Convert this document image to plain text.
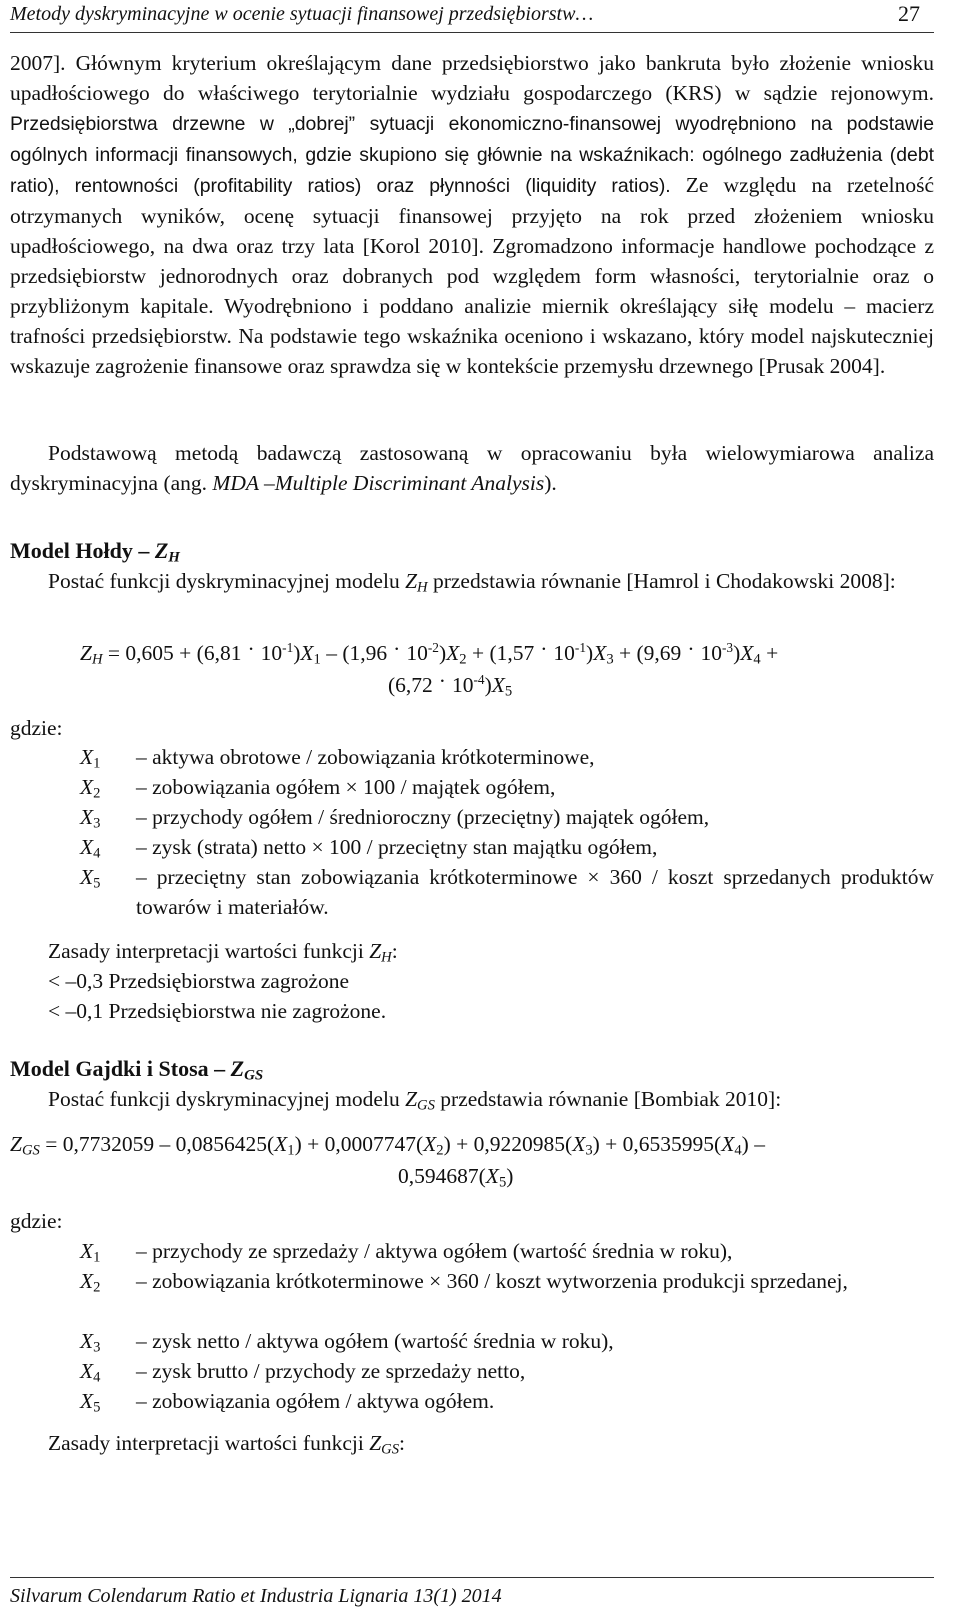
Metody dyskryminacyjne w ocenie sytuacji finansowej przedsiębiorstw…	27

2007]. Głównym kryterium określającym dane przedsiębiorstwo jako bankruta było złożenie wniosku upadłościowego do właściwego terytorialnie wydziału gospodarczego (KRS) w sądzie rejonowym. Przedsiębiorstwa drzewne w „dobrej” sytuacji ekonomiczno-finansowej wyodrębniono na podstawie ogólnych informacji finansowych, gdzie skupiono się głównie na wskaźnikach: ogólnego zadłużenia (debt ratio), rentowności (profitability ratios) oraz płynności (liquidity ratios). Ze względu na rzetelność otrzymanych wyników, ocenę sytuacji finansowej przyjęto na rok przed złożeniem wniosku upadłościowego, na dwa oraz trzy lata [Korol 2010]. Zgromadzono informacje handlowe pochodzące z przedsiębiorstw jednorodnych oraz dobranych pod względem form własności, terytorialnie oraz o przybliżonym kapitale. Wyodrębniono i poddano analizie miernik określający siłę modelu – macierz trafności przedsiębiorstw. Na podstawie tego wskaźnika oceniono i wskazano, który model najskuteczniej wskazuje zagrożenie finansowe oraz sprawdza się w kontekście przemysłu drzewnego [Prusak 2004].

Podstawową metodą badawczą zastosowaną w opracowaniu była wielowymiarowa analiza dyskryminacyjna (ang. MDA –Multiple Discriminant Analysis).

Model Hołdy – $Z_H$

Postać funkcji dyskryminacyjnej modelu $Z_H$ przedstawia równanie [Hamrol i Chodakowski 2008]:

$Z_H = 0,605 + (6,81 \cdot 10^{-1})X_1 - (1,96 \cdot 10^{-2})X_2 + (1,57 \cdot 10^{-1})X_3 + (9,69 \cdot 10^{-3})X_4$ +
$(6,72 \cdot 10^{-4})X_5$
gdzie:
$X_1$	– aktywa obrotowe / zobowiązania krótkoterminowe,
$X_2$	– zobowiązania ogółem × 100 / majątek ogółem,
$X_3$	– przychody ogółem / średnioroczny (przeciętny) majątek ogółem,
$X_4$	– zysk (strata) netto × 100 / przeciętny stan majątku ogółem,
$X_5$	– przeciętny stan zobowiązania krótkoterminowe × 360 / koszt sprzedanych produktów towarów i materiałów.
Zasady interpretacji wartości funkcji $Z_H$:
< –0,3 Przedsiębiorstwa zagrożone
< –0,1 Przedsiębiorstwa nie zagrożone.
Model Gajdki i Stosa – $Z_{GS}$

Postać funkcji dyskryminacyjnej modelu $Z_{GS}$ przedstawia równanie [Bombiak 2010]:

$Z_{GS} = 0,7732059 - 0,0856425(X_1) + 0,0007747(X_2) + 0,9220985(X_3) + 0,6535995(X_4)$ –
$0,594687(X_5)$
gdzie:
$X_1$	– przychody ze sprzedaży / aktywa ogółem (wartość średnia w roku),
$X_2$	– zobowiązania krótkoterminowe × 360 / koszt wytworzenia produkcji sprzedanej,
$X_3$	– zysk netto / aktywa ogółem (wartość średnia w roku),
$X_4$	– zysk brutto / przychody ze sprzedaży netto,
$X_5$	– zobowiązania ogółem / aktywa ogółem.
Zasady interpretacji wartości funkcji $Z_{GS}$:
Silvarum Colendarum Ratio et Industria Lignaria 13(1) 2014
